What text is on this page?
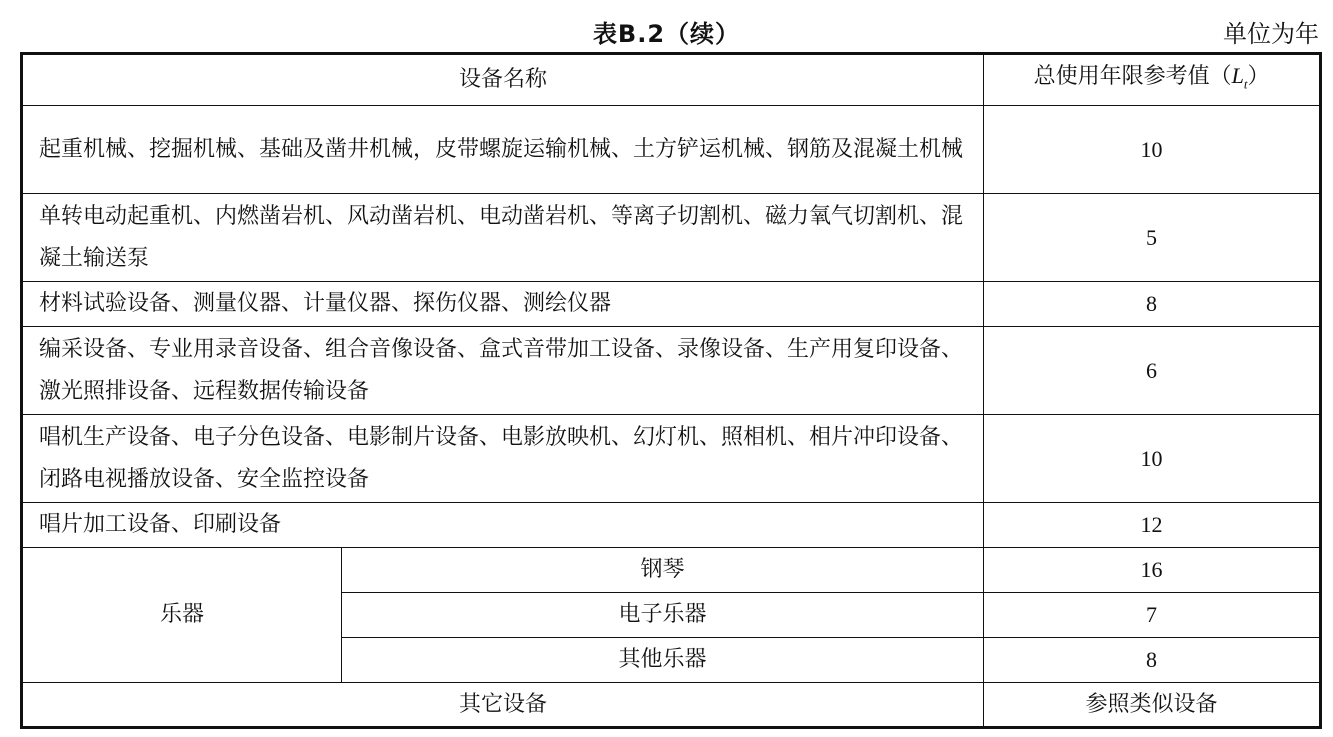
表B.2（续）	单位为年
设备名称		总使用年限参考值$(L_t)$
起重机械、挖掘机械、基础及凿井机械，皮带螺旋运输机械、土方铲运机械、钢筋及混凝土机械		10
单转电动起重机、内燃凿岩机、风动凿岩机、电动凿岩机、等离子切割机、磁力氧气切割机、混凝土输送泵		5
材料试验设备、测量仪器、计量仪器、探伤仪器、测绘仪器		8
编采设备、专业用录音设备、组合音像设备、盒式音带加工设备、录像设备、生产用复印设备、激光照排设备、远程数据传输设备		6
唱机生产设备、电子分色设备、电影制片设备、电影放映机、幻灯机、照相机、相片冲印设备、闭路电视播放设备、安全监控设备		10
唱片加工设备、印刷设备		12
乐器	钢琴	16
	电子乐器	7
	其他乐器	8
其它设备		参照类似设备
